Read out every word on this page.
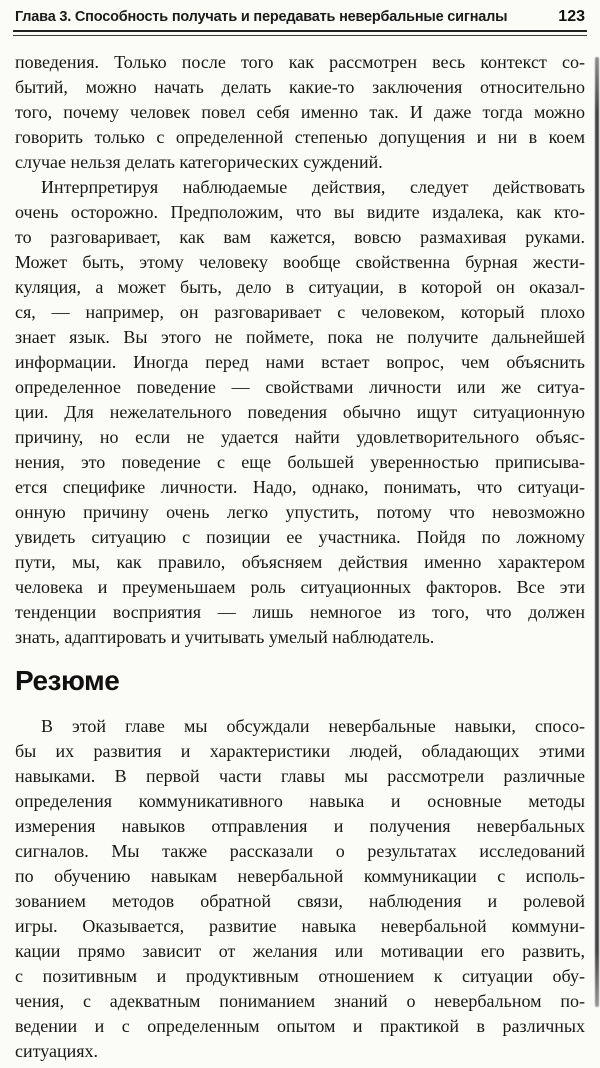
Глава 3. Способность получать и передавать невербальные сигналы	123
поведения. Только после того как рассмотрен весь контекст со-
бытий, можно начать делать какие-то заключения относительно
того, почему человек повел себя именно так. И даже тогда можно
говорить только с определенной степенью допущения и ни в коем
случае нельзя делать категорических суждений.
Интерпретируя наблюдаемые действия, следует действовать
очень осторожно. Предположим, что вы видите издалека, как кто-
то разговаривает, как вам кажется, вовсю размахивая руками.
Может быть, этому человеку вообще свойственна бурная жести-
куляция, а может быть, дело в ситуации, в которой он оказал-
ся, — например, он разговаривает с человеком, который плохо
знает язык. Вы этого не поймете, пока не получите дальнейшей
информации. Иногда перед нами встает вопрос, чем объяснить
определенное поведение — свойствами личности или же ситуа-
ции. Для нежелательного поведения обычно ищут ситуационную
причину, но если не удается найти удовлетворительного объяс-
нения, это поведение с еще большей уверенностью приписыва-
ется специфике личности. Надо, однако, понимать, что ситуаци-
онную причину очень легко упустить, потому что невозможно
увидеть ситуацию с позиции ее участника. Пойдя по ложному
пути, мы, как правило, объясняем действия именно характером
человека и преуменьшаем роль ситуационных факторов. Все эти
тенденции восприятия — лишь немногое из того, что должен
знать, адаптировать и учитывать умелый наблюдатель.
Резюме
В этой главе мы обсуждали невербальные навыки, спосо-
бы их развития и характеристики людей, обладающих этими
навыками. В первой части главы мы рассмотрели различные
определения коммуникативного навыка и основные методы
измерения навыков отправления и получения невербальных
сигналов. Мы также рассказали о результатах исследований
по обучению навыкам невербальной коммуникации с исполь-
зованием методов обратной связи, наблюдения и ролевой
игры. Оказывается, развитие навыка невербальной коммуни-
кации прямо зависит от желания или мотивации его развить,
с позитивным и продуктивным отношением к ситуации обу-
чения, с адекватным пониманием знаний о невербальном по-
ведении и с определенным опытом и практикой в различных
ситуациях.
